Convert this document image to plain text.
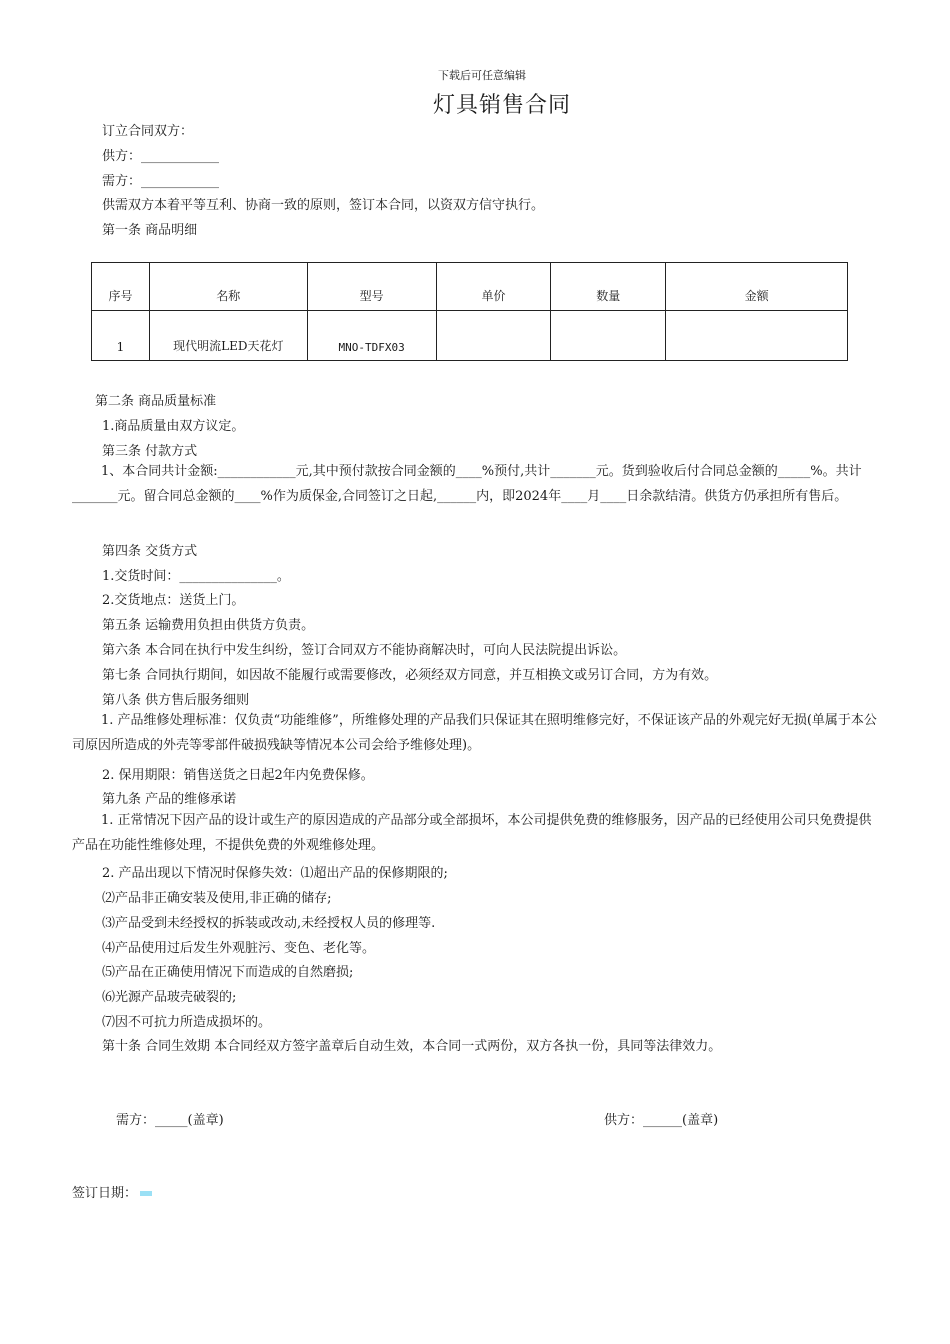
下载后可任意编辑
灯具销售合同
订立合同双方：
供方：____________
需方：____________
供需双方本着平等互利、协商一致的原则，签订本合同，以资双方信守执行。
第一条 商品明细
序号	名称	型号	单价	数量	金额
1	现代明流LED天花灯	MNO-TDFX03			
第二条 商品质量标准
1.商品质量由双方议定。
第三条 付款方式
1、本合同共计金额:____________元,其中预付款按合同金额的____%预付,共计_______元。货到验收后付合同总金额的_____%。共计_______元。留合同总金额的____%作为质保金,合同签订之日起,______内，即2024年____月____日余款结清。供货方仍承担所有售后。
第四条 交货方式
1.交货时间：_______________。
2.交货地点：送货上门。
第五条 运输费用负担由供货方负责。
第六条 本合同在执行中发生纠纷，签订合同双方不能协商解决时，可向人民法院提出诉讼。
第七条 合同执行期间，如因故不能履行或需要修改，必须经双方同意，并互相换文或另订合同，方为有效。
第八条 供方售后服务细则
1. 产品维修处理标准：仅负责“功能维修”，所维修处理的产品我们只保证其在照明维修完好，不保证该产品的外观完好无损(单属于本公司原因所造成的外壳等零部件破损残缺等情况本公司会给予维修处理)。
2. 保用期限：销售送货之日起2年内免费保修。
第九条 产品的维修承诺
1. 正常情况下因产品的设计或生产的原因造成的产品部分或全部损坏，本公司提供免费的维修服务，因产品的已经使用公司只免费提供产品在功能性维修处理，不提供免费的外观维修处理。
2. 产品出现以下情况时保修失效：⑴超出产品的保修期限的;
⑵产品非正确安装及使用,非正确的储存;
⑶产品受到未经授权的拆装或改动,未经授权人员的修理等.
⑷产品使用过后发生外观脏污、变色、老化等。
⑸产品在正确使用情况下而造成的自然磨损;
⑹光源产品玻壳破裂的;
⑺因不可抗力所造成损坏的。
第十条 合同生效期 本合同经双方签字盖章后自动生效，本合同一式两份，双方各执一份，具同等法律效力。
需方：_____(盖章)	供方：______(盖章)
签订日期：
